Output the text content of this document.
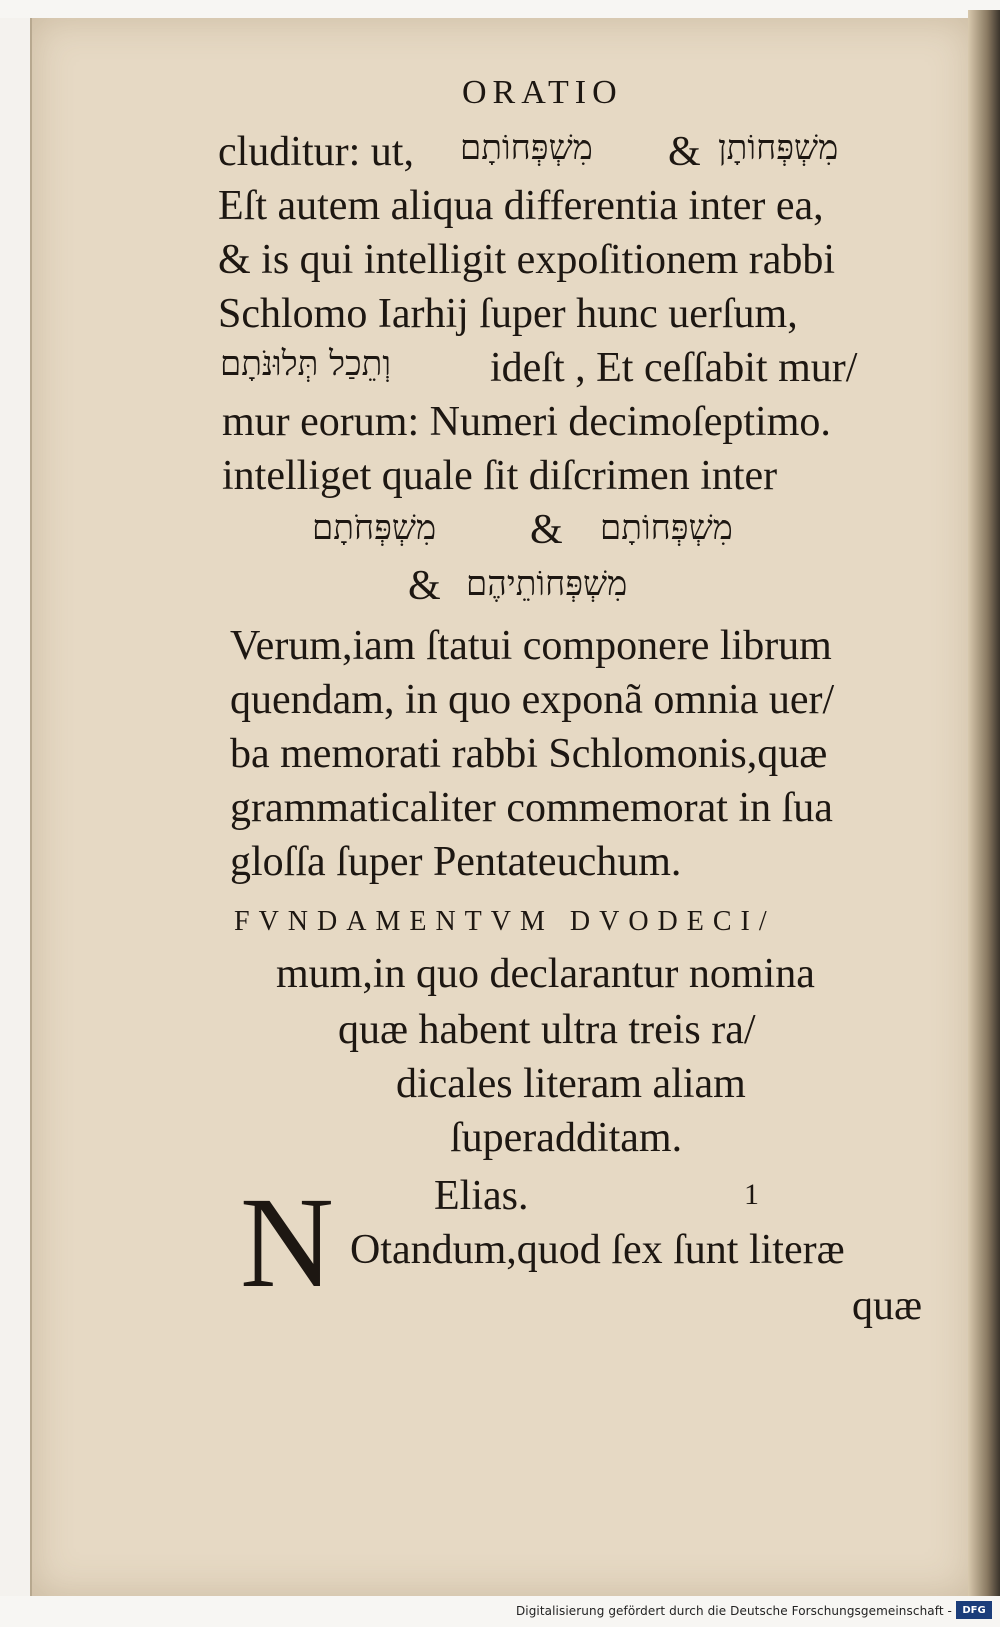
ORATIO
cluditur: ut, מִשְׁפְּחוֹתָם & מִשְׁפְּחוֹתָן
Eſt autem aliqua differentia inter ea,
& is qui intelligit expoſitionem rabbi
Schlomo Iarhij ſuper hunc uerſum,
וְתֵכַל תְּלוּנֹּתָם ideſt , Et ceſſabit mur/
mur eorum: Numeri decimoſeptimo.
intelliget quale ſit diſcrimen inter
מִשְׁפְּחֹתָם & מִשְׁפְּחוֹתָם
& מִשְׁפְּחוֹתֵיהֶם
Verum,iam ſtatui componere librum
quendam, in quo exponã omnia uer/
ba memorati rabbi Schlomonis,quæ
grammaticaliter commemorat in ſua
gloſſa ſuper Pentateuchum.
FVNDAMENTVM DVODECI/
mum,in quo declarantur nomina
quæ habent ultra treis ra/
dicales literam aliam
ſuperadditam.
Elias.	1
N Otandum,quod ſex ſunt literæ
quæ
Digitalisierung gefördert durch die Deutsche Forschungsgemeinschaft -	DFG
